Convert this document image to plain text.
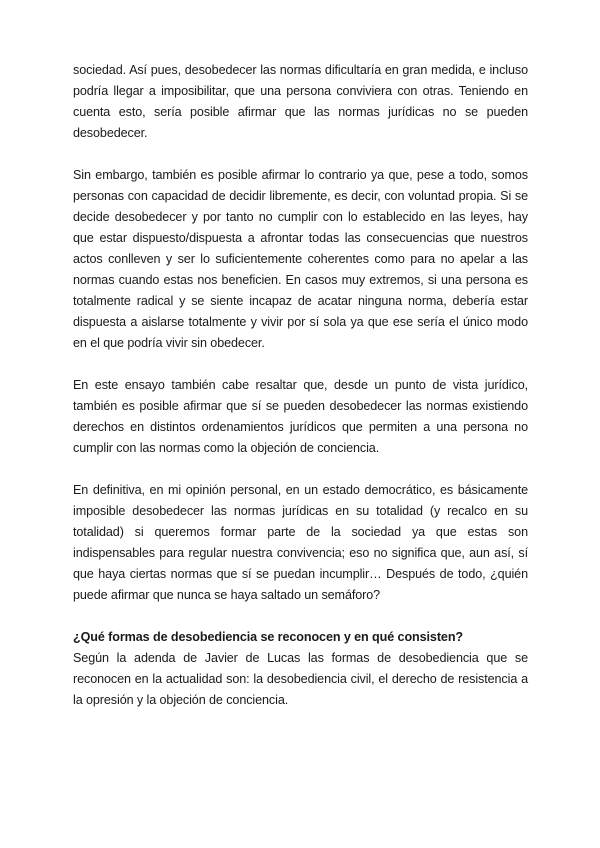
sociedad. Así pues, desobedecer las normas dificultaría en gran medida, e incluso podría llegar a imposibilitar, que una persona conviviera con otras. Teniendo en cuenta esto, sería posible afirmar que las normas jurídicas no se pueden desobedecer.

Sin embargo, también es posible afirmar lo contrario ya que, pese a todo, somos personas con capacidad de decidir libremente, es decir, con voluntad propia. Si se decide desobedecer y por tanto no cumplir con lo establecido en las leyes, hay que estar dispuesto/dispuesta a afrontar todas las consecuencias que nuestros actos conlleven y ser lo suficientemente coherentes como para no apelar a las normas cuando estas nos beneficien. En casos muy extremos, si una persona es totalmente radical y se siente incapaz de acatar ninguna norma, debería estar dispuesta a aislarse totalmente y vivir por sí sola ya que ese sería el único modo en el que podría vivir sin obedecer.

En este ensayo también cabe resaltar que, desde un punto de vista jurídico, también es posible afirmar que sí se pueden desobedecer las normas existiendo derechos en distintos ordenamientos jurídicos que permiten a una persona no cumplir con las normas como la objeción de conciencia.

En definitiva, en mi opinión personal, en un estado democrático, es básicamente imposible desobedecer las normas jurídicas en su totalidad (y recalco en su totalidad) si queremos formar parte de la sociedad ya que estas son indispensables para regular nuestra convivencia; eso no significa que, aun así, sí que haya ciertas normas que sí se puedan incumplir… Después de todo, ¿quién puede afirmar que nunca se haya saltado un semáforo?

¿Qué formas de desobediencia se reconocen y en qué consisten?

Según la adenda de Javier de Lucas las formas de desobediencia que se reconocen en la actualidad son: la desobediencia civil, el derecho de resistencia a la opresión y la objeción de conciencia.
